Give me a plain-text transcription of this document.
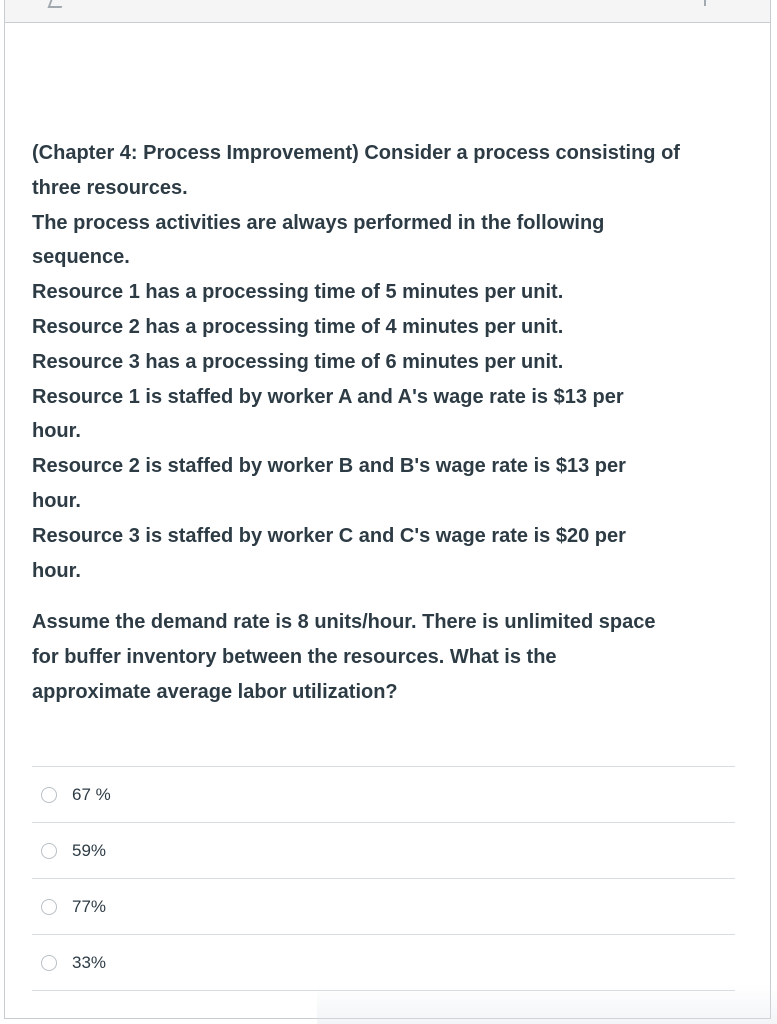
(Chapter 4: Process Improvement) Consider a process consisting of

three resources.

The process activities are always performed in the following

sequence.

Resource 1 has a processing time of 5 minutes per unit.

Resource 2 has a processing time of 4 minutes per unit.

Resource 3 has a processing time of 6 minutes per unit.

Resource 1 is staffed by worker A and A's wage rate is $13 per

hour.

Resource 2 is staffed by worker B and B's wage rate is $13 per

hour.

Resource 3 is staffed by worker C and C's wage rate is $20 per

hour.

Assume the demand rate is 8 units/hour. There is unlimited space

for buffer inventory between the resources. What is the

approximate average labor utilization?

67 %
59%
77%
33%
